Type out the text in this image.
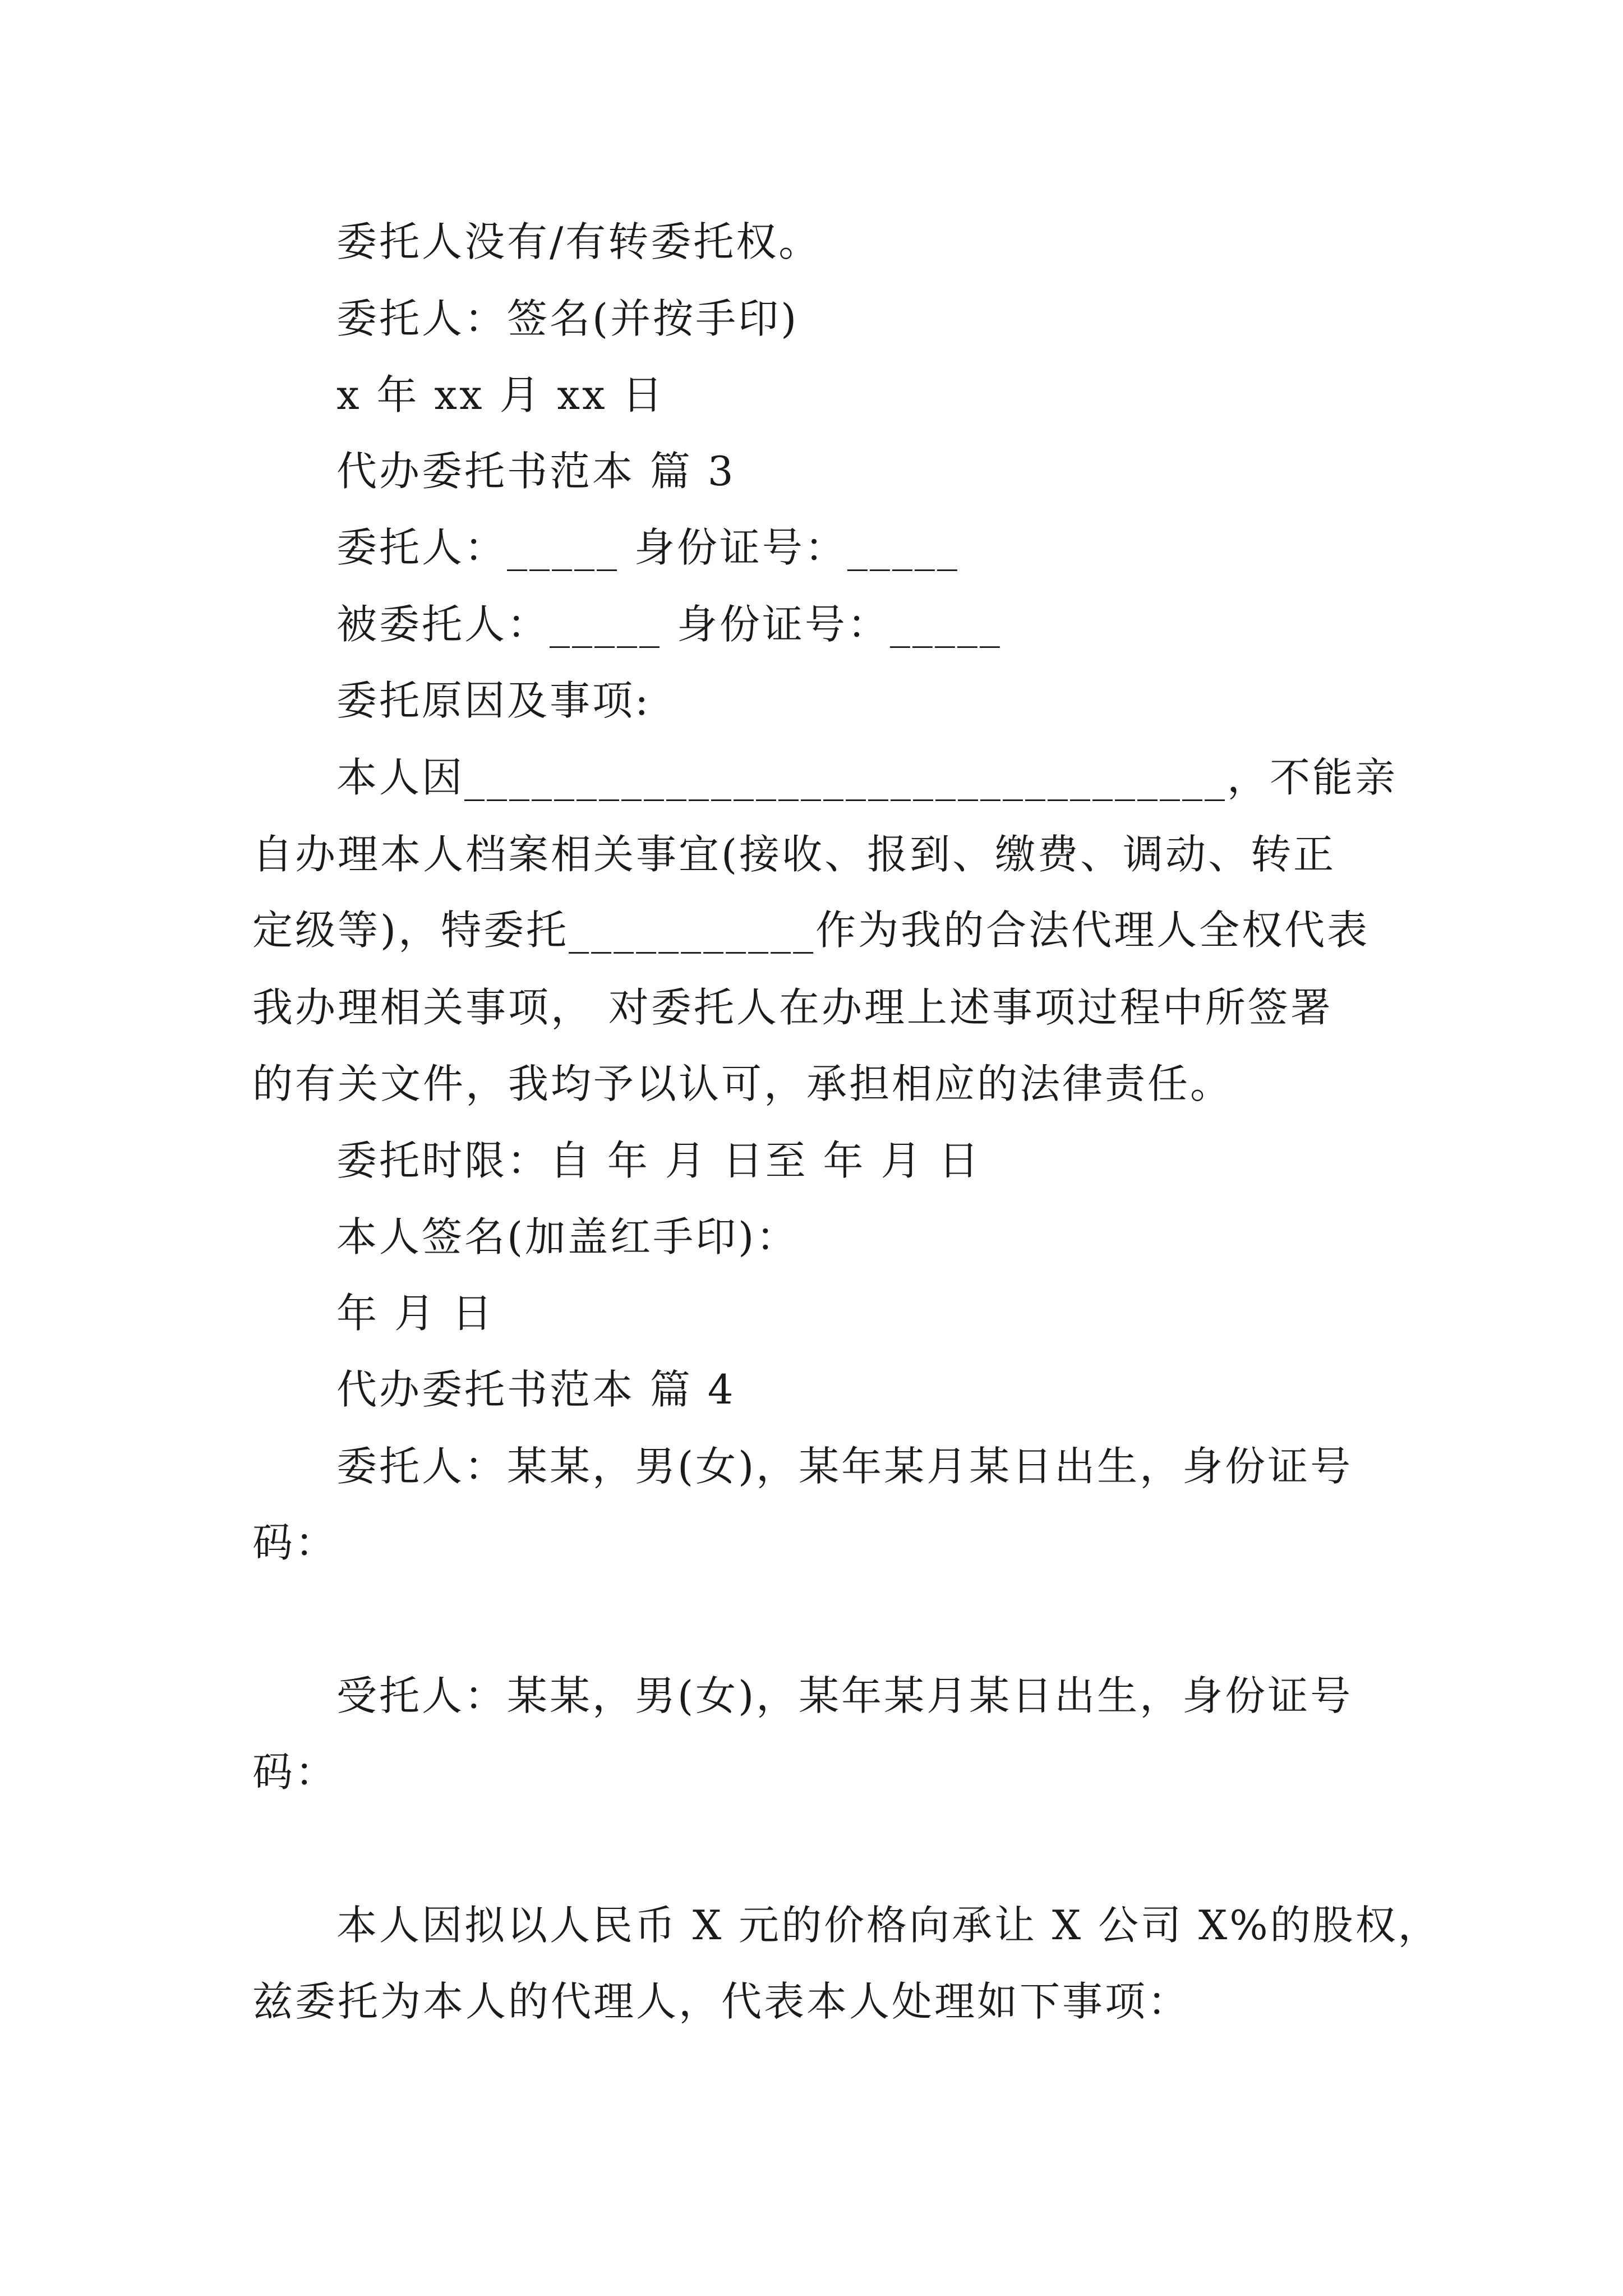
委托人没有/有转委托权。
委托人：签名(并按手印)
x 年 xx 月 xx 日
代办委托书范本 篇 3
委托人：_____ 身份证号：_____
被委托人：_____ 身份证号：_____
委托原因及事项:
本人因__________________________________，不能亲
自办理本人档案相关事宜(接收、报到、缴费、调动、转正
定级等)，特委托___________作为我的合法代理人全权代表
我办理相关事项， 对委托人在办理上述事项过程中所签署
的有关文件，我均予以认可，承担相应的法律责任。
委托时限：自 年 月 日至 年 月 日
本人签名(加盖红手印)：
年 月 日
代办委托书范本 篇 4
委托人：某某，男(女)，某年某月某日出生，身份证号
码：
受托人：某某，男(女)，某年某月某日出生，身份证号
码：
本人因拟以人民币 X 元的价格向承让 X 公司 X%的股权，
兹委托为本人的代理人，代表本人处理如下事项：
